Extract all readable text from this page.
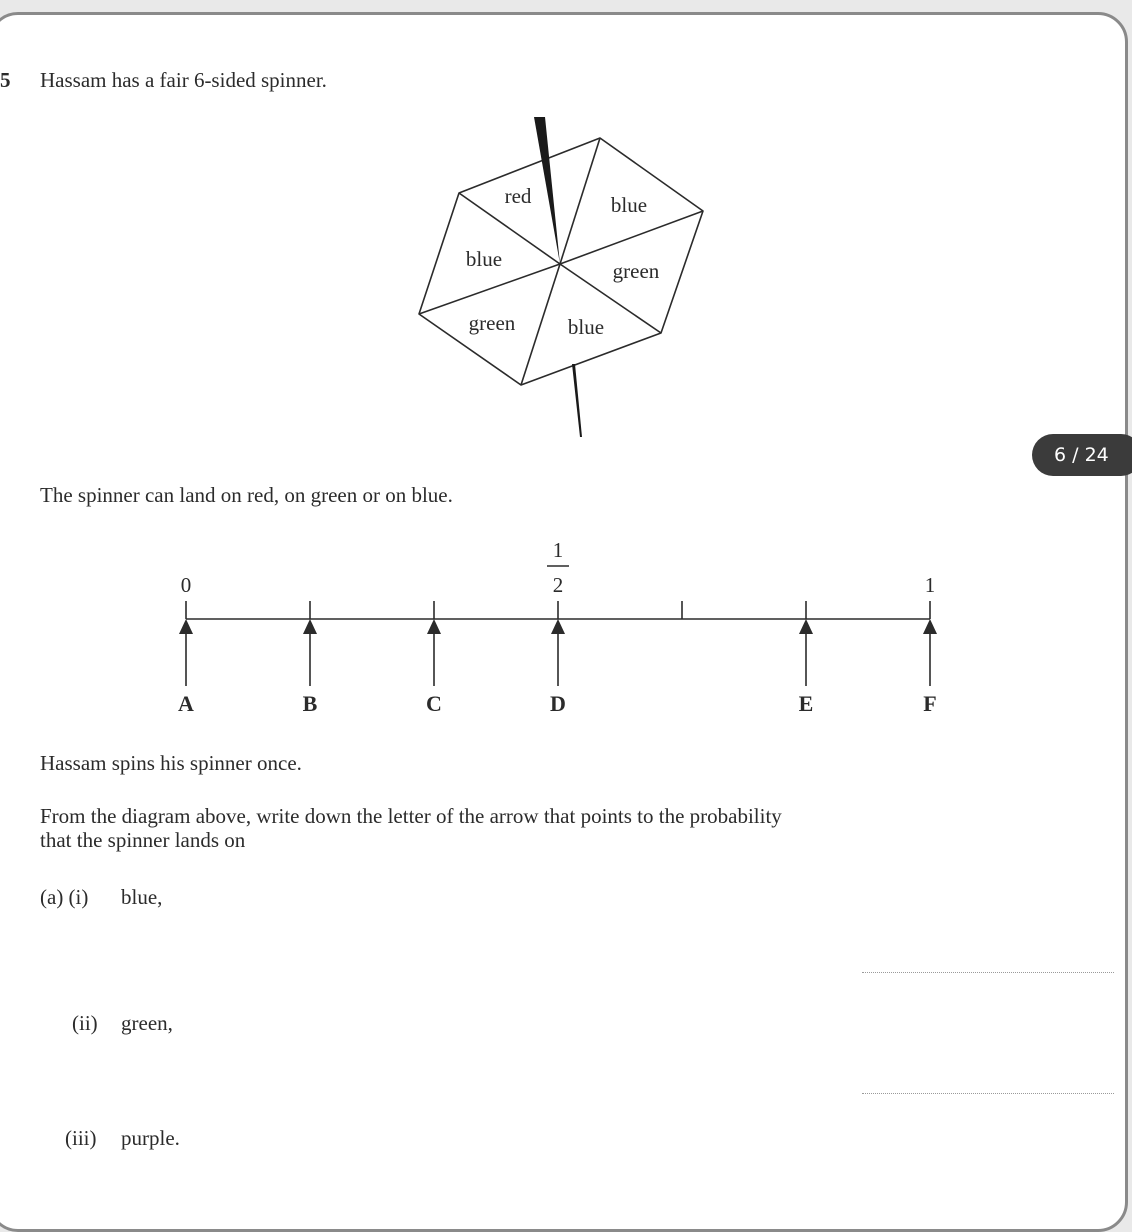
6 / 24
5 Hassam has a fair 6-sided spinner.
red	blue
green
blue
green
blue
The spinner can land on red, on green or on blue.
0
1
2	1
A	B	C	D	E	F
Hassam spins his spinner once.
From the diagram above, write down the letter of the arrow that points to the probability
that the spinner lands on
(a) (i) blue,
(ii) green,
(iii) purple.
